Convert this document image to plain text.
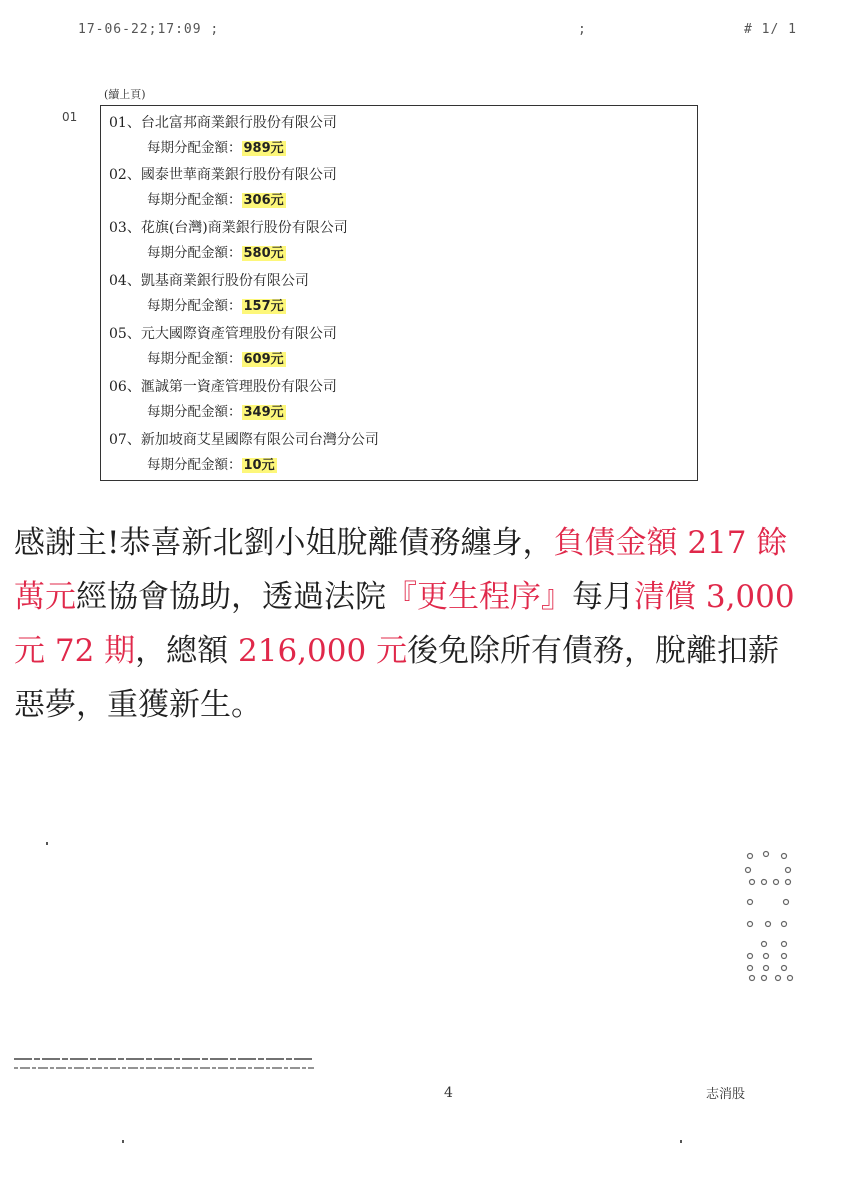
17-06-22;17:09 ;	;	# 1/ 1
(續上頁)
01 01、台北富邦商業銀行股份有限公司
每期分配金額： 989元
02、國泰世華商業銀行股份有限公司
每期分配金額： 306元
03、花旗(台灣)商業銀行股份有限公司
每期分配金額： 580元
04、凱基商業銀行股份有限公司
每期分配金額： 157元
05、元大國際資產管理股份有限公司
每期分配金額： 609元
06、滙誠第一資產管理股份有限公司
每期分配金額： 349元
07、新加坡商艾星國際有限公司台灣分公司
每期分配金額： 10元
感謝主!恭喜新北劉小姐脫離債務纏身，負債金額 217 餘萬元經協會協助，透過法院『更生程序』每月清償 3,000 元 72 期，總額 216,000 元後免除所有債務，脫離扣薪惡夢，重獲新生。
4	志消股
